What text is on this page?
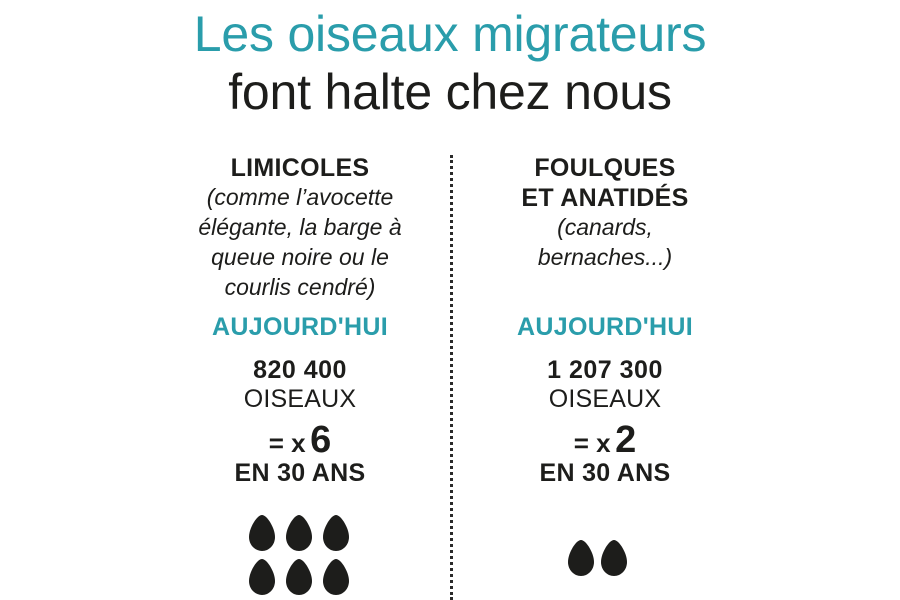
Les oiseaux migrateurs
font halte chez nous
LIMICOLES
(comme l’avocette
élégante, la barge à
queue noire ou le
courlis cendré)
AUJOURD'HUI
820 400
OISEAUX
= x 6
EN 30 ANS
FOULQUES
ET ANATIDÉS
(canards,
bernaches...)
AUJOURD'HUI
1 207 300
OISEAUX
= x 2
EN 30 ANS
